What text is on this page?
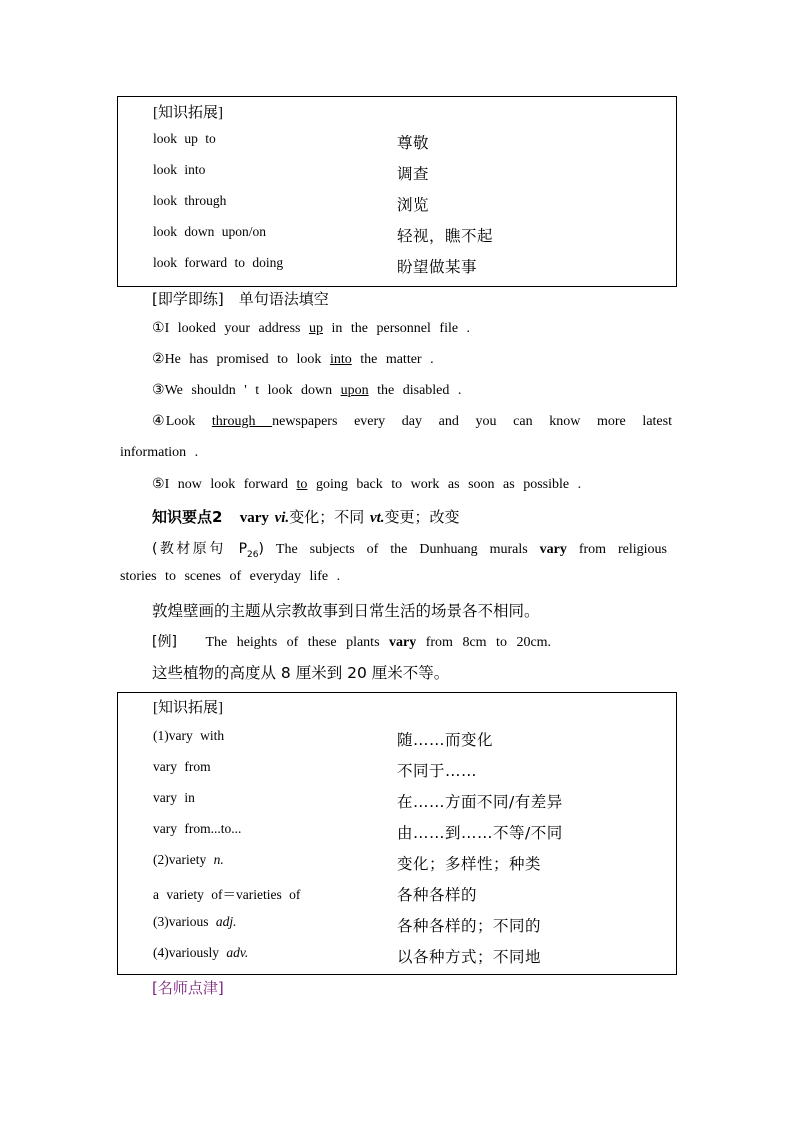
[知识拓展]
look up to	尊敬
look into	调查
look through	浏览
look down upon/on	轻视，瞧不起
look forward to doing	盼望做某事
[即学即练]　单句语法填空
①I looked your address up in the personnel file .
②He has promised to look into the matter .
③We shouldn ' t look down upon the disabled .
④Look through newspapers every day and you can know more latest
information .
⑤I now look forward to going back to work as soon as possible .
知识要点2 vary vi.变化；不同 vt.变更；改变
(教材原句 $P_{26}$) The subjects of the Dunhuang murals vary from religious
stories to scenes of everyday life .
敦煌壁画的主题从宗教故事到日常生活的场景各不相同。
[例] The heights of these plants vary from 8cm to 20cm.
这些植物的高度从 8 厘米到 20 厘米不等。
[知识拓展]
(1)vary with	随……而变化
vary from	不同于……
vary in	在……方面不同/有差异
vary from...to...	由……到……不等/不同
(2)variety n.	变化；多样性；种类
a variety of＝varieties of	各种各样的
(3)various adj.	各种各样的；不同的
(4)variously adv.	以各种方式；不同地
[名师点津]
